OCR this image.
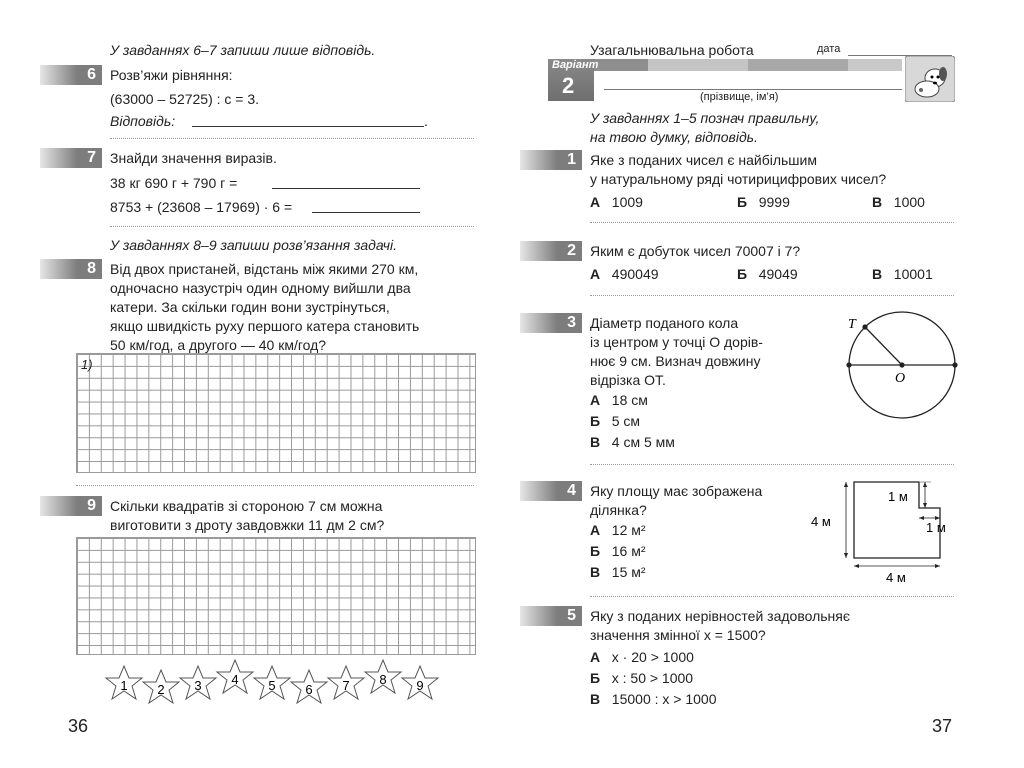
У завданнях 6–7 запиши лише відповідь.
6	Розв’яжи рівняння:
(63000 – 52725) : c = 3.
Відповідь:	.
7	Знайди значення виразів.
38 кг 690 г + 790 г =
8753 + (23608 – 17969) · 6 =
У завданнях 8–9 запиши розв’язання задачі.
8	Від двох пристаней, відстань між якими 270 км,
одночасно назустріч один одному вийшли два
катери. За скільки годин вони зустрінуться,
якщо швидкість руху першого катера становить
50 км/год, а другого — 40 км/год?
1)
9	Скільки квадратів зі стороною 7 см можна
виготовити з дроту завдовжки 11 дм 2 см?
1 2 3 4 5 6 7 8 9
36
Узагальнювальна робота	дата
Варіант
2	(прізвище, ім’я)
У завданнях 1–5 познач правильну,
на твою думку, відповідь.
1	Яке з поданих чисел є найбільшим
у натуральному ряді чотирицифрових чисел?
А 1009	Б 9999	В 1000
2	Яким є добуток чисел 70007 і 7?
А 490049	Б 49049	В 10001
3	Діаметр поданого кола
із центром у точці O дорів-
нює 9 см. Визнач довжину
відрізка OT.
А 18 см
Б 5 см
В 4 см 5 мм
T
O
4	Яку площу має зображена
ділянка?
А 12 м²
Б 16 м²
В 15 м²
1 м
1 м
4 м
4 м
5	Яку з поданих нерівностей задовольняє
значення змінної x = 1500?
А x · 20 > 1000
Б x : 50 > 1000
В 15000 : x > 1000
37
